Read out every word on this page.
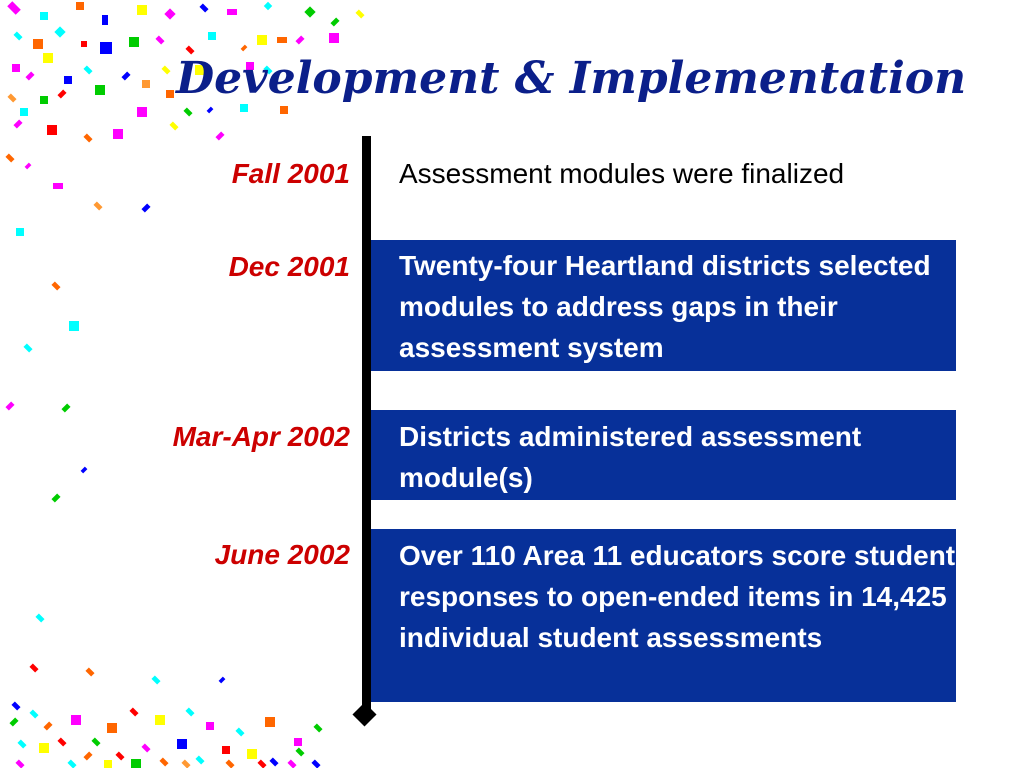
Development & Implementation
Fall 2001	Assessment modules were finalized
Dec 2001	Twenty-four Heartland districts selected modules to address gaps in their assessment system
Mar-Apr 2002	Districts administered assessment module(s)
June 2002	Over 110 Area 11 educators score student responses to open-ended items in 14,425 individual student assessments
